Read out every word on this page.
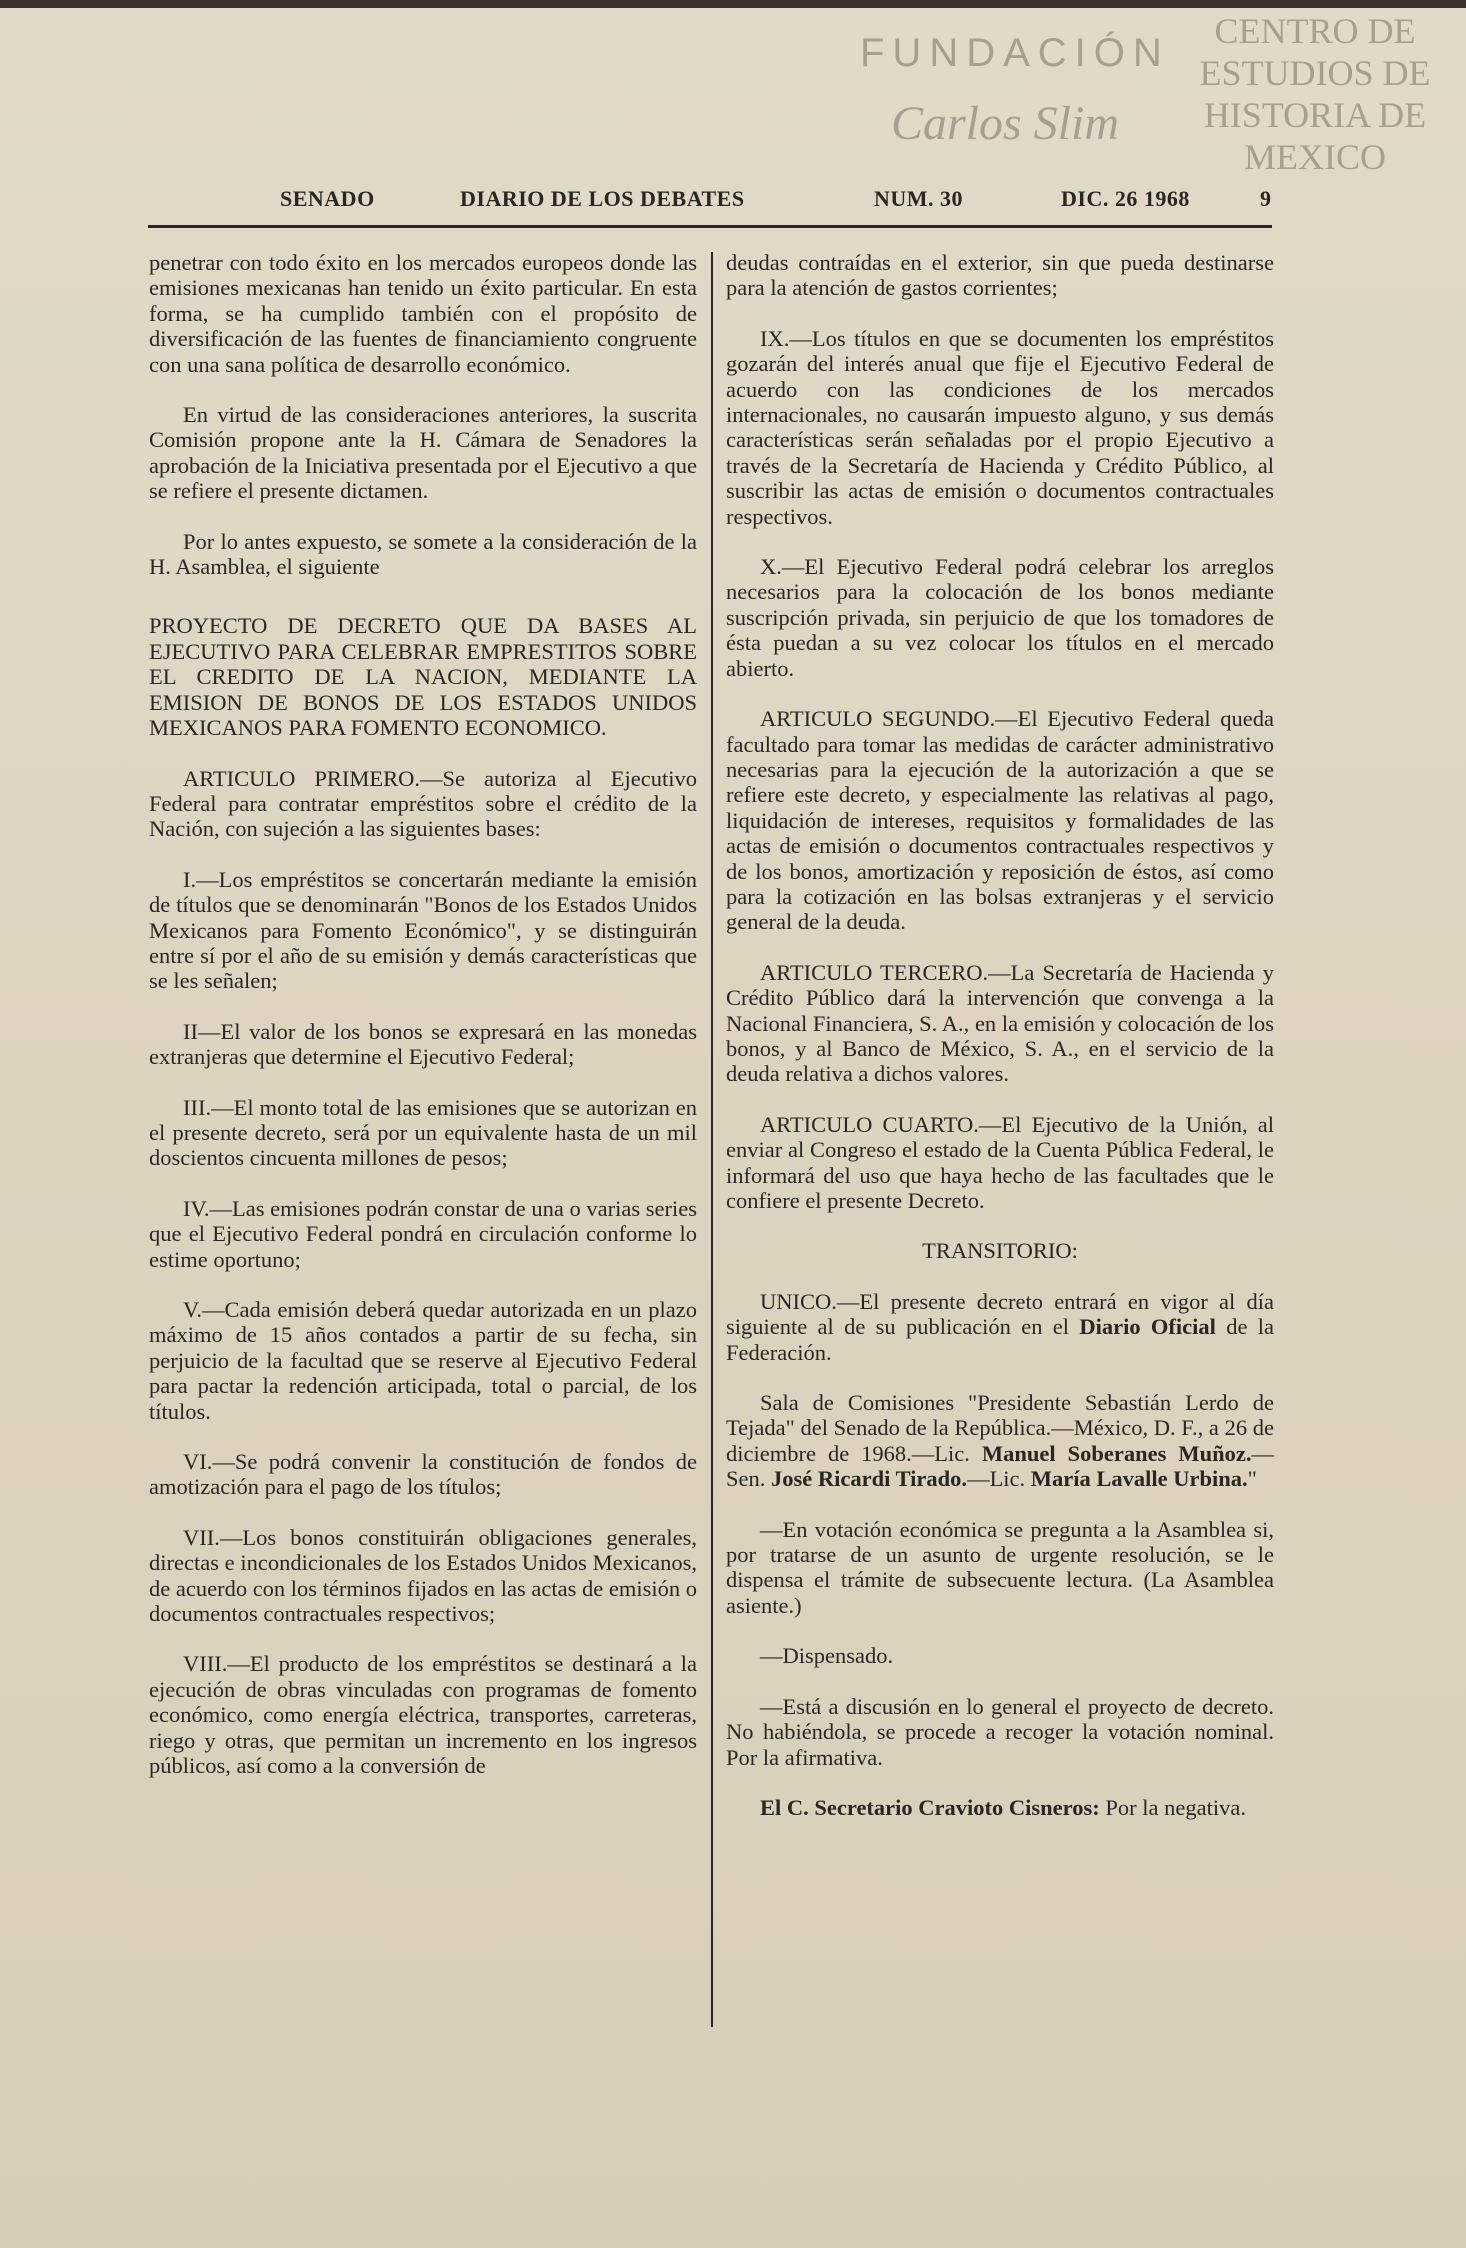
CENTRO DE ESTUDIOS DE HISTORIA DE MEXICO
FUNDACIÓN
Carlos Slim
SENADO	DIARIO DE LOS DEBATES	NUM. 30	DIC. 26 1968	9

penetrar con todo éxito en los mercados europeos donde las emisiones mexicanas han tenido un éxito particular. En esta forma, se ha cumplido también con el propósito de diversificación de las fuentes de financiamiento congruente con una sana política de desarrollo económico.

En virtud de las consideraciones anteriores, la suscrita Comisión propone ante la H. Cámara de Senadores la aprobación de la Iniciativa presentada por el Ejecutivo a que se refiere el presente dictamen.

Por lo antes expuesto, se somete a la consideración de la H. Asamblea, el siguiente

PROYECTO DE DECRETO QUE DA BASES AL EJECUTIVO PARA CELEBRAR EMPRESTITOS SOBRE EL CREDITO DE LA NACION, MEDIANTE LA EMISION DE BONOS DE LOS ESTADOS UNIDOS MEXICANOS PARA FOMENTO ECONOMICO.

ARTICULO PRIMERO.—Se autoriza al Ejecutivo Federal para contratar empréstitos sobre el crédito de la Nación, con sujeción a las siguientes bases:

I.—Los empréstitos se concertarán mediante la emisión de títulos que se denominarán "Bonos de los Estados Unidos Mexicanos para Fomento Económico", y se distinguirán entre sí por el año de su emisión y demás características que se les señalen;

II—El valor de los bonos se expresará en las monedas extranjeras que determine el Ejecutivo Federal;

III.—El monto total de las emisiones que se autorizan en el presente decreto, será por un equivalente hasta de un mil doscientos cincuenta millones de pesos;

IV.—Las emisiones podrán constar de una o varias series que el Ejecutivo Federal pondrá en circulación conforme lo estime oportuno;

V.—Cada emisión deberá quedar autorizada en un plazo máximo de 15 años contados a partir de su fecha, sin perjuicio de la facultad que se reserve al Ejecutivo Federal para pactar la redención articipada, total o parcial, de los títulos.

VI.—Se podrá convenir la constitución de fondos de amotización para el pago de los títulos;

VII.—Los bonos constituirán obligaciones generales, directas e incondicionales de los Estados Unidos Mexicanos, de acuerdo con los términos fijados en las actas de emisión o documentos contractuales respectivos;

VIII.—El producto de los empréstitos se destinará a la ejecución de obras vinculadas con programas de fomento económico, como energía eléctrica, transportes, carreteras, riego y otras, que permitan un incremento en los ingresos públicos, así como a la conversión de

deudas contraídas en el exterior, sin que pueda destinarse para la atención de gastos corrientes;

IX.—Los títulos en que se documenten los empréstitos gozarán del interés anual que fije el Ejecutivo Federal de acuerdo con las condiciones de los mercados internacionales, no causarán impuesto alguno, y sus demás características serán señaladas por el propio Ejecutivo a través de la Secretaría de Hacienda y Crédito Público, al suscribir las actas de emisión o documentos contractuales respectivos.

X.—El Ejecutivo Federal podrá celebrar los arreglos necesarios para la colocación de los bonos mediante suscripción privada, sin perjuicio de que los tomadores de ésta puedan a su vez colocar los títulos en el mercado abierto.

ARTICULO SEGUNDO.—El Ejecutivo Federal queda facultado para tomar las medidas de carácter administrativo necesarias para la ejecución de la autorización a que se refiere este decreto, y especialmente las relativas al pago, liquidación de intereses, requisitos y formalidades de las actas de emisión o documentos contractuales respectivos y de los bonos, amortización y reposición de éstos, así como para la cotización en las bolsas extranjeras y el servicio general de la deuda.

ARTICULO TERCERO.—La Secretaría de Hacienda y Crédito Público dará la intervención que convenga a la Nacional Financiera, S. A., en la emisión y colocación de los bonos, y al Banco de México, S. A., en el servicio de la deuda relativa a dichos valores.

ARTICULO CUARTO.—El Ejecutivo de la Unión, al enviar al Congreso el estado de la Cuenta Pública Federal, le informará del uso que haya hecho de las facultades que le confiere el presente Decreto.

TRANSITORIO:

UNICO.—El presente decreto entrará en vigor al día siguiente al de su publicación en el Diario Oficial de la Federación.

Sala de Comisiones "Presidente Sebastián Lerdo de Tejada" del Senado de la República.—México, D. F., a 26 de diciembre de 1968.—Lic. Manuel Soberanes Muñoz.—Sen. José Ricardi Tirado.—Lic. María Lavalle Urbina."

—En votación económica se pregunta a la Asamblea si, por tratarse de un asunto de urgente resolución, se le dispensa el trámite de subsecuente lectura. (La Asamblea asiente.)

—Dispensado.

—Está a discusión en lo general el proyecto de decreto. No habiéndola, se procede a recoger la votación nominal. Por la afirmativa.

El C. Secretario Cravioto Cisneros: Por la negativa.
